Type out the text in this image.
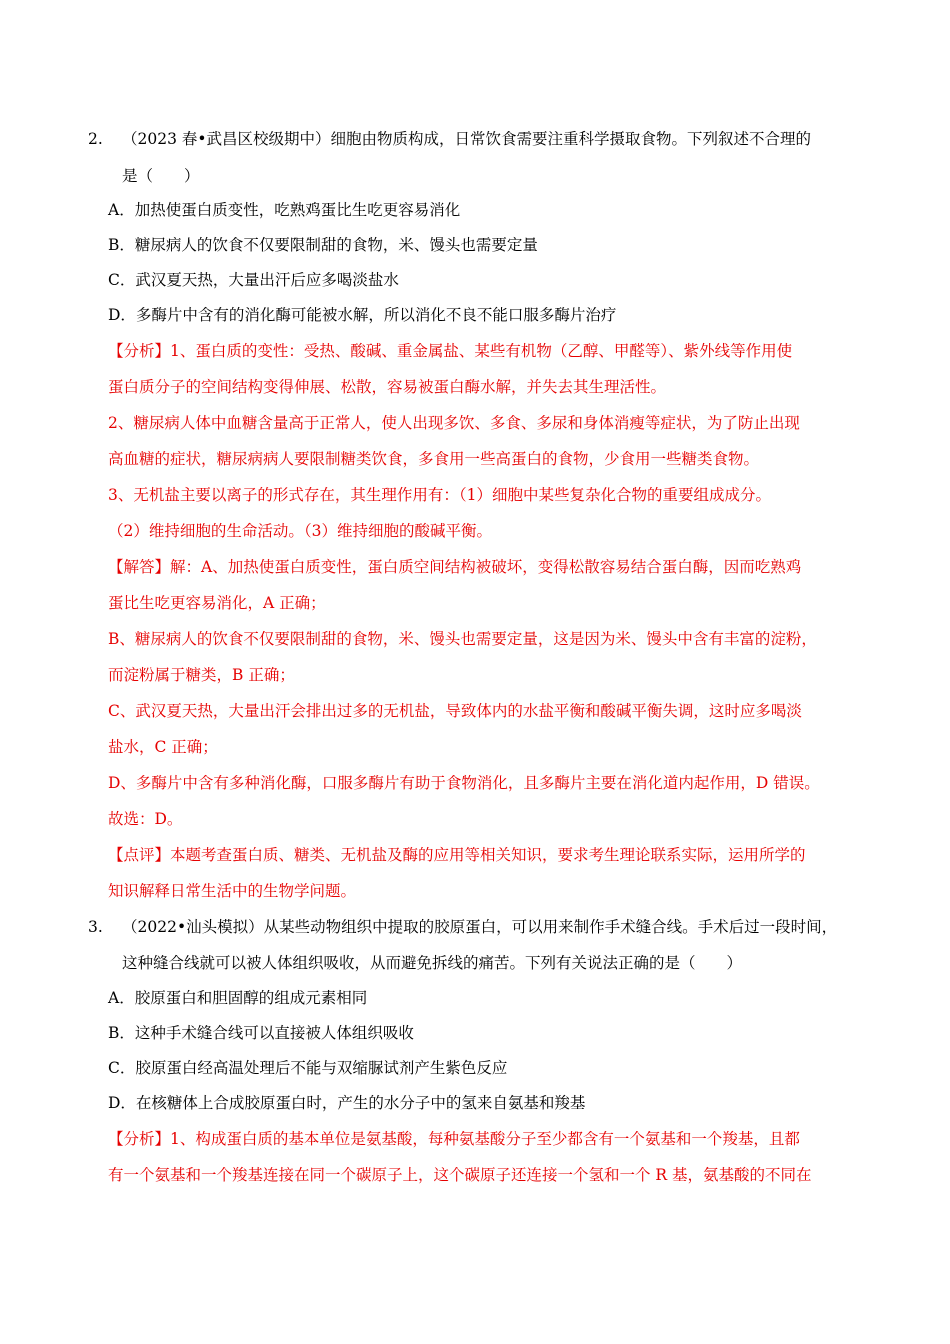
2. （2023 春•武昌区校级期中）细胞由物质构成，日常饮食需要注重科学摄取食物。下列叙述不合理的
是（　　）
A．加热使蛋白质变性，吃熟鸡蛋比生吃更容易消化
B．糖尿病人的饮食不仅要限制甜的食物，米、馒头也需要定量
C．武汉夏天热，大量出汗后应多喝淡盐水
D．多酶片中含有的消化酶可能被水解，所以消化不良不能口服多酶片治疗
【分析】1、蛋白质的变性：受热、酸碱、重金属盐、某些有机物（乙醇、甲醛等）、紫外线等作用使
蛋白质分子的空间结构变得伸展、松散，容易被蛋白酶水解，并失去其生理活性。
2、糖尿病人体中血糖含量高于正常人，使人出现多饮、多食、多尿和身体消瘦等症状，为了防止出现
高血糖的症状，糖尿病病人要限制糖类饮食，多食用一些高蛋白的食物，少食用一些糖类食物。
3、无机盐主要以离子的形式存在，其生理作用有：（1）细胞中某些复杂化合物的重要组成成分。
（2）维持细胞的生命活动。（3）维持细胞的酸碱平衡。
【解答】解：A、加热使蛋白质变性，蛋白质空间结构被破坏，变得松散容易结合蛋白酶，因而吃熟鸡
蛋比生吃更容易消化，A 正确；
B、糖尿病人的饮食不仅要限制甜的食物，米、馒头也需要定量，这是因为米、馒头中含有丰富的淀粉，
而淀粉属于糖类，B 正确；
C、武汉夏天热，大量出汗会排出过多的无机盐，导致体内的水盐平衡和酸碱平衡失调，这时应多喝淡
盐水，C 正确；
D、多酶片中含有多种消化酶，口服多酶片有助于食物消化，且多酶片主要在消化道内起作用，D 错误。
故选：D。
【点评】本题考查蛋白质、糖类、无机盐及酶的应用等相关知识，要求考生理论联系实际，运用所学的
知识解释日常生活中的生物学问题。
3. （2022•汕头模拟）从某些动物组织中提取的胶原蛋白，可以用来制作手术缝合线。手术后过一段时间，
这种缝合线就可以被人体组织吸收，从而避免拆线的痛苦。下列有关说法正确的是（　　）
A．胶原蛋白和胆固醇的组成元素相同
B．这种手术缝合线可以直接被人体组织吸收
C．胶原蛋白经高温处理后不能与双缩脲试剂产生紫色反应
D．在核糖体上合成胶原蛋白时，产生的水分子中的氢来自氨基和羧基
【分析】1、构成蛋白质的基本单位是氨基酸，每种氨基酸分子至少都含有一个氨基和一个羧基，且都
有一个氨基和一个羧基连接在同一个碳原子上，这个碳原子还连接一个氢和一个 R 基，氨基酸的不同在
